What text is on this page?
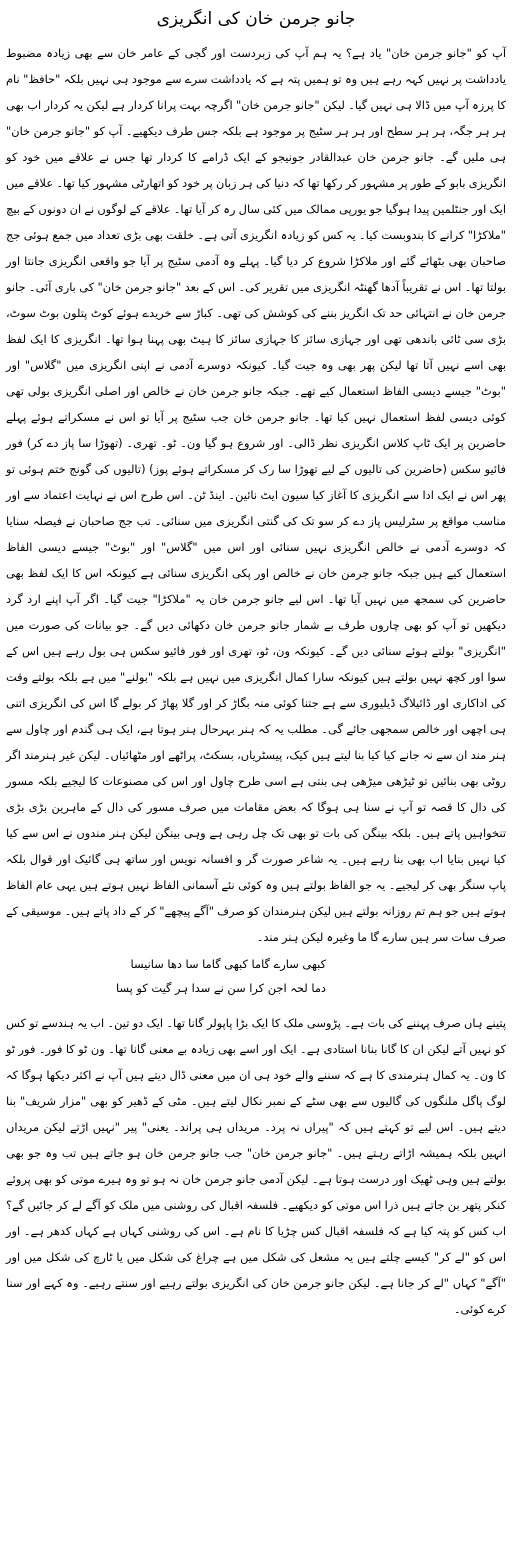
جانو جرمن خان کی انگریزی

آپ کو "جانو جرمن خان" یاد ہے؟ یہ ہم آپ کی زبردست اور گجی کے عامر خان سے بھی زیادہ مضبوط یادداشت پر نہیں کہہ رہے ہیں وہ تو ہمیں پتہ ہے کہ یادداشت سرے سے موجود ہی نہیں بلکہ "حافظ" نام کا پرزہ آپ میں ڈالا ہی نہیں گیا۔ لیکن "جانو جرمن خان" اگرچہ بہت پرانا کردار ہے لیکن یہ کردار اب بھی ہر ہر جگہ، ہر ہر سطح اور ہر ہر سٹیج پر موجود ہے بلکہ جس طرف دیکھیے۔ آپ کو "جانو جرمن خان" ہی ملیں گے۔ جانو جرمن خان عبدالقادر جونیجو کے ایک ڈرامے کا کردار تھا جس نے علاقے میں خود کو انگریزی بابو کے طور پر مشہور کر رکھا تھا کہ دنیا کی ہر زبان پر خود کو اتھارٹی مشہور کیا تھا۔ علاقے میں ایک اور جنٹلمین پیدا ہوگیا جو یورپی ممالک میں کئی سال رہ کر آیا تھا۔ علاقے کے لوگوں نے ان دونوں کے بیچ "ملاکڑا" کرانے کا بندوبست کیا۔ یہ کس کو زیادہ انگریزی آتی ہے۔ خلقت بھی بڑی تعداد میں جمع ہوئی جج صاحبان بھی بٹھائے گئے اور ملاکڑا شروع کر دیا گیا۔ پہلے وہ آدمی سٹیج پر آیا جو واقعی انگریزی جانتا اور بولتا تھا۔ اس نے تقریباً آدھا گھنٹہ انگریزی میں تقریر کی۔ اس کے بعد "جانو جرمن خان" کی باری آئی۔ جانو جرمن خان نے انتہائی حد تک انگریز بننے کی کوشش کی تھی۔ کباڑ سے خریدے ہوئے کوٹ پتلون بوٹ سوٹ، بڑی سی ٹائی باندھی تھی اور جہازی سائز کا جہازی سائز کا ہیٹ بھی پہنا ہوا تھا۔ انگریزی کا ایک لفظ بھی اسے نہیں آتا تھا لیکن پھر بھی وہ جیت گیا۔ کیونکہ دوسرے آدمی نے اپنی انگریزی میں "گلاس" اور "بوٹ" جیسے دیسی الفاظ استعمال کیے تھے۔ جبکہ جانو جرمن خان نے خالص اور اصلی انگریزی بولی تھی کوئی دیسی لفظ استعمال نہیں کیا تھا۔ جانو جرمن خان جب سٹیج پر آیا تو اس نے مسکراتے ہوئے پہلے حاضرین پر ایک ٹاپ کلاس انگریزی نظر ڈالی۔ اور شروع ہو گیا ون۔ ٹو۔ تھری۔ (تھوڑا سا پاز دے کر) فور فائیو سکس (حاضرین کی تالیوں کے لیے تھوڑا سا رک کر مسکراتے ہوئے پوز) (تالیوں کی گونج ختم ہوئی تو پھر اس نے ایک ادا سے انگریزی کا آغاز کیا سیون ایٹ نائین۔ اینڈ ٹن۔ اس طرح اس نے نہایت اعتماد سے اور مناسب مواقع پر سٹرلیس پاز دے کر سو تک کی گنتی انگریزی میں سنائی۔ تب جج صاحبان نے فیصلہ سنایا کہ دوسرے آدمی نے خالص انگریزی نہیں سنائی اور اس میں "گلاس" اور "بوٹ" جیسے دیسی الفاظ استعمال کیے ہیں جبکہ جانو جرمن خان نے خالص اور پکی انگریزی سنائی ہے کیونکہ اس کا ایک لفظ بھی حاضرین کی سمجھ میں نہیں آیا تھا۔ اس لیے جانو جرمن خان یہ "ملاکڑا" جیت گیا۔ اگر آپ اپنے ارد گرد دیکھیں تو آپ کو بھی چاروں طرف بے شمار جانو جرمن خان دکھائی دیں گے۔ جو بیانات کی صورت میں "انگریزی" بولتے ہوئے سنائی دیں گے۔ کیونکہ ون، ٹو، تھری اور فور فائیو سکس ہی بول رہے ہیں اس کے سوا اور کچھ نہیں بولتے ہیں کیونکہ سارا کمال انگریزی میں نہیں ہے بلکہ "بولنے" میں ہے بلکہ بولتے وقت کی اداکاری اور ڈائیلاگ ڈیلیوری سے ہے جتنا کوئی منہ بگاڑ کر اور گلا پھاڑ کر بولے گا اس کی انگریزی اتنی ہی اچھی اور خالص سمجھی جائے گی۔ مطلب یہ کہ ہنر بہرحال ہنر ہوتا ہے، ایک ہی گندم اور چاول سے ہنر مند ان سے نہ جانے کیا کیا بنا لیتے ہیں کیک، پیسٹریاں، بسکٹ، پراٹھے اور مٹھائیاں۔ لیکن غیر ہنرمند اگر روٹی بھی بنائیں تو ٹیڑھی میڑھی ہی بنتی ہے اسی طرح چاول اور اس کی مصنوعات کا لیجیے بلکہ مسور کی دال کا قصہ تو آپ نے سنا ہی ہوگا کہ بعض مقامات میں صرف مسور کی دال کے ماہرین بڑی بڑی تنخواہیں پاتے ہیں۔ بلکہ بینگن کی بات تو بھی تک چل رہی ہے وہی بینگن لیکن ہنر مندوں نے اس سے کیا کیا نہیں بنایا اب بھی بنا رہے ہیں۔ یہ شاعر صورت گر و افسانہ نویس اور ساتھ ہی گائیک اور قوال بلکہ پاپ سنگر بھی کر لیجیے۔ یہ جو الفاظ بولتے ہیں وہ کوئی نئے آسمانی الفاظ نہیں ہوتے ہیں یہی عام الفاظ ہوتے ہیں جو ہم تم روزانہ بولتے ہیں لیکن ہنرمندان کو صرف "آگے پیچھے" کر کے داد پاتے ہیں۔ موسیقی کے صرف سات سر ہیں سارے گا ما وغیرہ لیکن ہنر مند۔

کبھی سارے گاما کبھی گاما سا دھا سانیسا

دما لحہ اجن کرا سن نے سدا ہر گیت کو پسا

پتینے ہاں صرف پہننے کی بات ہے۔ پڑوسی ملک کا ایک بڑا پاپولر گانا تھا۔ ایک دو تین۔ اب یہ ہندسے تو کس کو نہیں آتے لیکن ان کا گانا بنانا استادی ہے۔ ایک اور اسے بھی زیادہ بے معنی گانا تھا۔ ون ٹو کا فور۔ فور ٹو کا ون۔ یہ کمال ہنرمندی کا ہے کہ سننے والے خود ہی ان میں معنی ڈال دیتے ہیں آپ نے اکثر دیکھا ہوگا کہ لوگ پاگل ملنگوں کی گالیوں سے بھی سٹے کے نمبر نکال لیتے ہیں۔ مٹی کے ڈھیر کو بھی "مزار شریف" بنا دیتے ہیں۔ اس لیے تو کہتے ہیں کہ "پیراں نہ پرد۔ مریداں ہی پراند۔ یعنی" پیر "نہیں اڑتے لیکن مریداں انہیں بلکہ ہمیشہ اڑاتے رہتے ہیں۔ "جانو جرمن خان" جب جانو جرمن خان ہو جاتے ہیں تب وہ جو بھی بولتے ہیں وہی ٹھیک اور درست ہوتا ہے۔ لیکن آدمی جانو جرمن خان نہ ہو تو وہ ہیرے موتی کو بھی پروئے کنکر پتھر بن جاتے ہیں ذرا اس موتی کو دیکھیے۔ فلسفہ اقبال کی روشنی میں ملک کو آگے لے کر جائیں گے؟ اب کس کو پتہ کیا ہے کہ فلسفہ اقبال کس چڑیا کا نام ہے۔ اس کی روشنی کہاں ہے کہاں کدھر ہے۔ اور اس کو "لے کر" کیسے چلتے ہیں یہ مشعل کی شکل میں ہے چراغ کی شکل میں یا ٹارچ کی شکل میں اور "آگے" کہاں "لے کر جانا ہے۔ لیکن جانو جرمن خان کی انگریزی بولتے رہیے اور سنتے رہیے۔ وہ کہے اور سنا کرے کوئی۔
